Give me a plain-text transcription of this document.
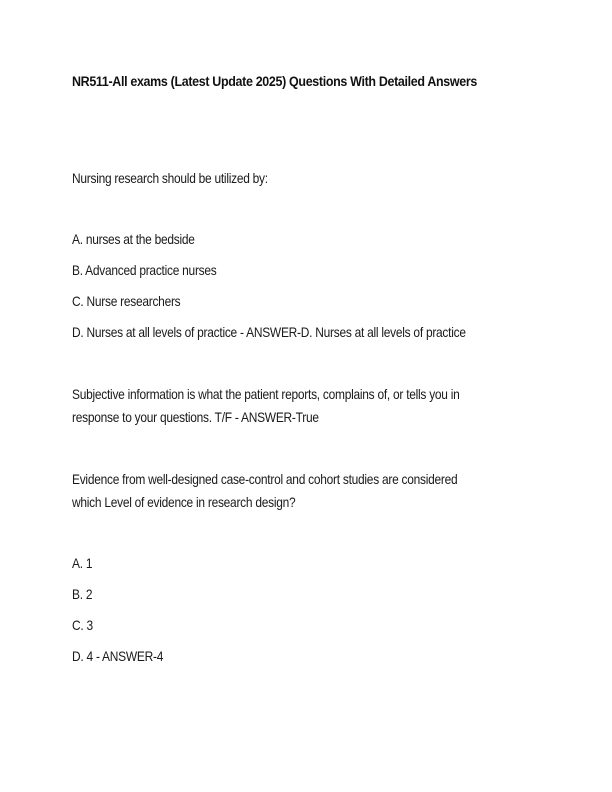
NR511-All exams (Latest Update 2025) Questions With Detailed Answers
Nursing research should be utilized by:
A. nurses at the bedside
B. Advanced practice nurses
C. Nurse researchers
D. Nurses at all levels of practice - ANSWER-D. Nurses at all levels of practice
Subjective information is what the patient reports, complains of, or tells you in
response to your questions. T/F - ANSWER-True
Evidence from well-designed case-control and cohort studies are considered
which Level of evidence in research design?
A. 1
B. 2
C. 3
D. 4 - ANSWER-4
